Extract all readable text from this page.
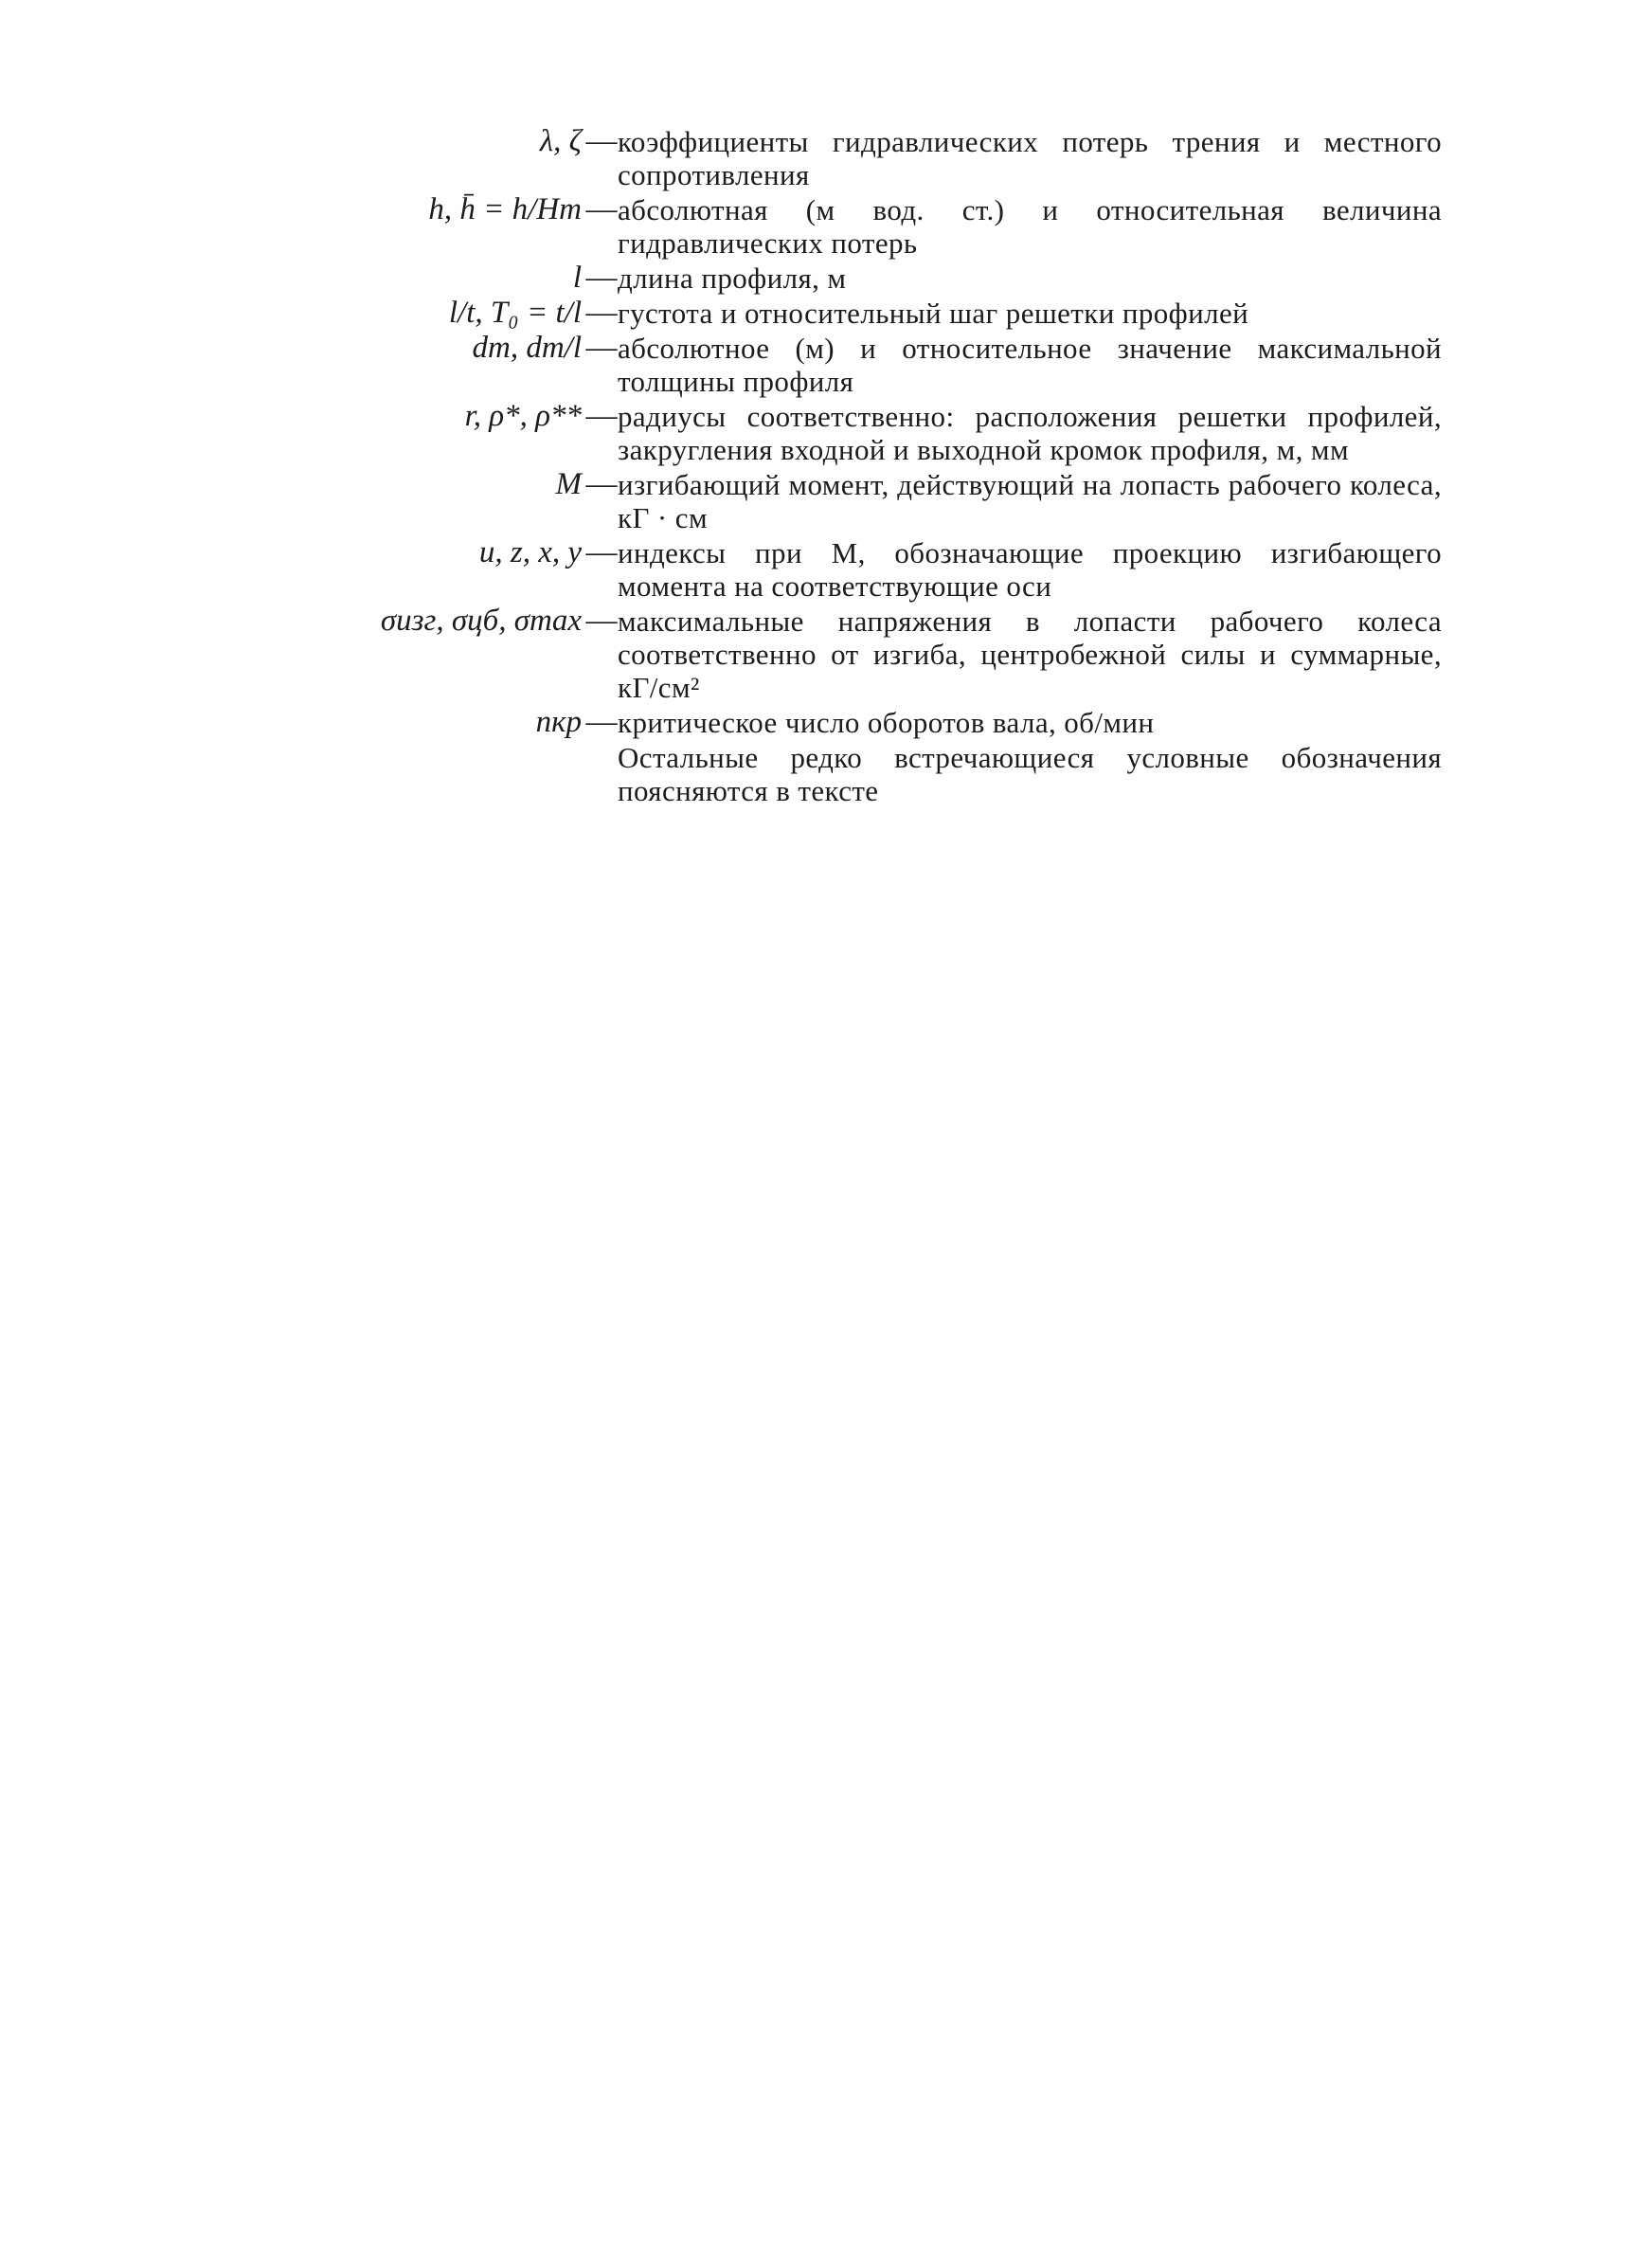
λ, ζ — коэффициенты гидравлических потерь трения и местного сопротивления
h, h̄ = h/Hт — абсолютная (м вод. ст.) и относительная величина гидравлических потерь
l — длина профиля, м
l/t, T₀ = t/l — густота и относительный шаг решетки профилей
dm, dm/l — абсолютное (м) и относительное значение максимальной толщины профиля
r, ρ*, ρ** — радиусы соответственно: расположения решетки профилей, закругления входной и выходной кромок профиля, м, мм
M — изгибающий момент, действующий на лопасть рабочего колеса, кГ · см
u, z, x, y — индексы при M, обозначающие проекцию изгибающего момента на соответствующие оси
σизг, σцб, σmax — максимальные напряжения в лопасти рабочего колеса соответственно от изгиба, центробежной силы и суммарные, кГ/см²
nкр — критическое число оборотов вала, об/мин
Остальные редко встречающиеся условные обозначения поясняются в тексте
